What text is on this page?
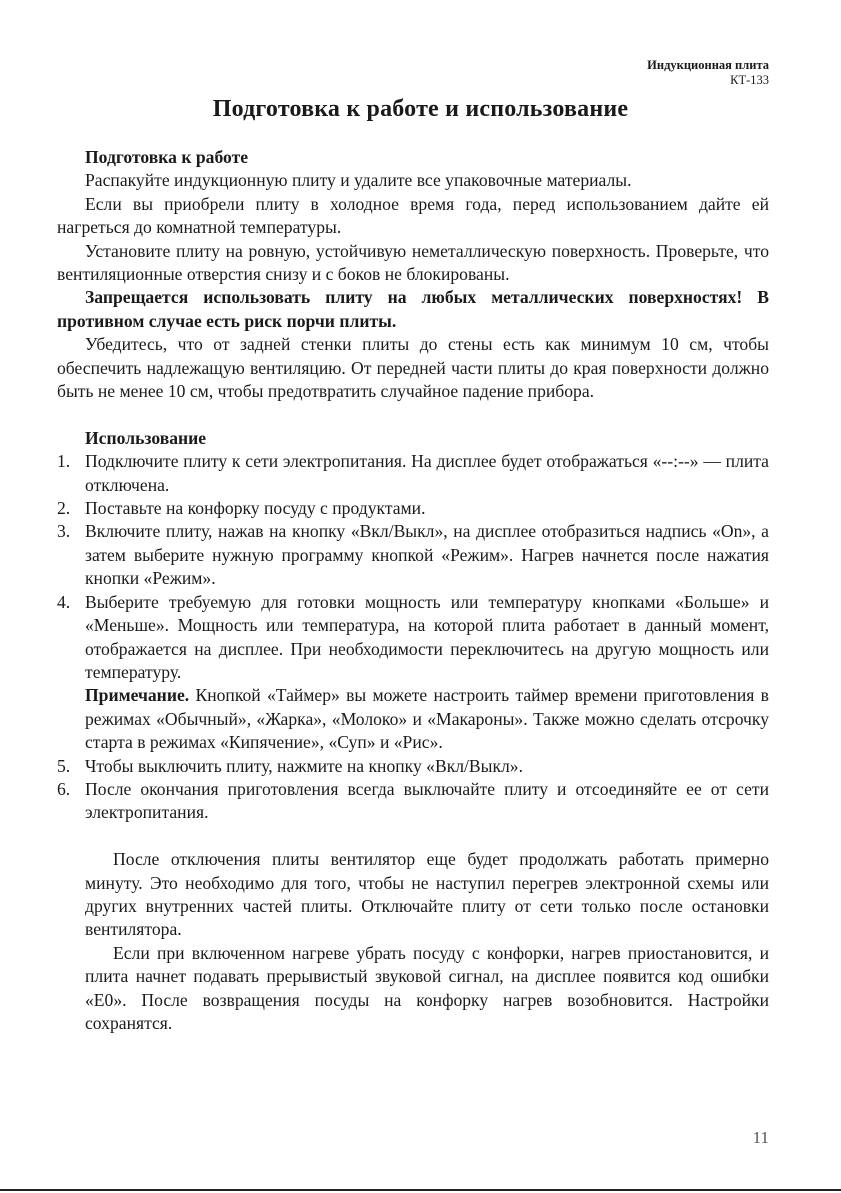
Индукционная плита
КТ-133
Подготовка к работе и использование

Подготовка к работе

Распакуйте индукционную плиту и удалите все упаковочные материалы.

Если вы приобрели плиту в холодное время года, перед использованием дайте ей нагреться до комнатной температуры.

Установите плиту на ровную, устойчивую неметаллическую поверхность. Проверьте, что вентиляционные отверстия снизу и с боков не блокированы.

Запрещается использовать плиту на любых металлических поверхностях! В противном случае есть риск порчи плиты.

Убедитесь, что от задней стенки плиты до стены есть как минимум 10 см, чтобы обеспечить надлежащую вентиляцию. От передней части плиты до края поверхности должно быть не менее 10 см, чтобы предотвратить случайное падение прибора.

Использование

1. Подключите плиту к сети электропитания. На дисплее будет отображаться «--:--» — плита отключена.
2. Поставьте на конфорку посуду с продуктами.
3. Включите плиту, нажав на кнопку «Вкл/Выкл», на дисплее отобразиться надпись «On», а затем выберите нужную программу кнопкой «Режим». Нагрев начнется после нажатия кнопки «Режим».
4. Выберите требуемую для готовки мощность или температуру кнопками «Больше» и «Меньше». Мощность или температура, на которой плита работает в данный момент, отображается на дисплее. При необходимости переключитесь на другую мощность или температуру.

Примечание. Кнопкой «Таймер» вы можете настроить таймер времени приготовления в режимах «Обычный», «Жарка», «Молоко» и «Макароны». Также можно сделать отсрочку старта в режимах «Кипячение», «Суп» и «Рис».

5. Чтобы выключить плиту, нажмите на кнопку «Вкл/Выкл».
6. После окончания приготовления всегда выключайте плиту и отсоединяйте ее от сети электропитания.

После отключения плиты вентилятор еще будет продолжать работать примерно минуту. Это необходимо для того, чтобы не наступил перегрев электронной схемы или других внутренних частей плиты. Отключайте плиту от сети только после остановки вентилятора.

Если при включенном нагреве убрать посуду с конфорки, нагрев приостановится, и плита начнет подавать прерывистый звуковой сигнал, на дисплее появится код ошибки «Е0». После возвращения посуды на конфорку нагрев возобновится. Настройки сохранятся.

11
